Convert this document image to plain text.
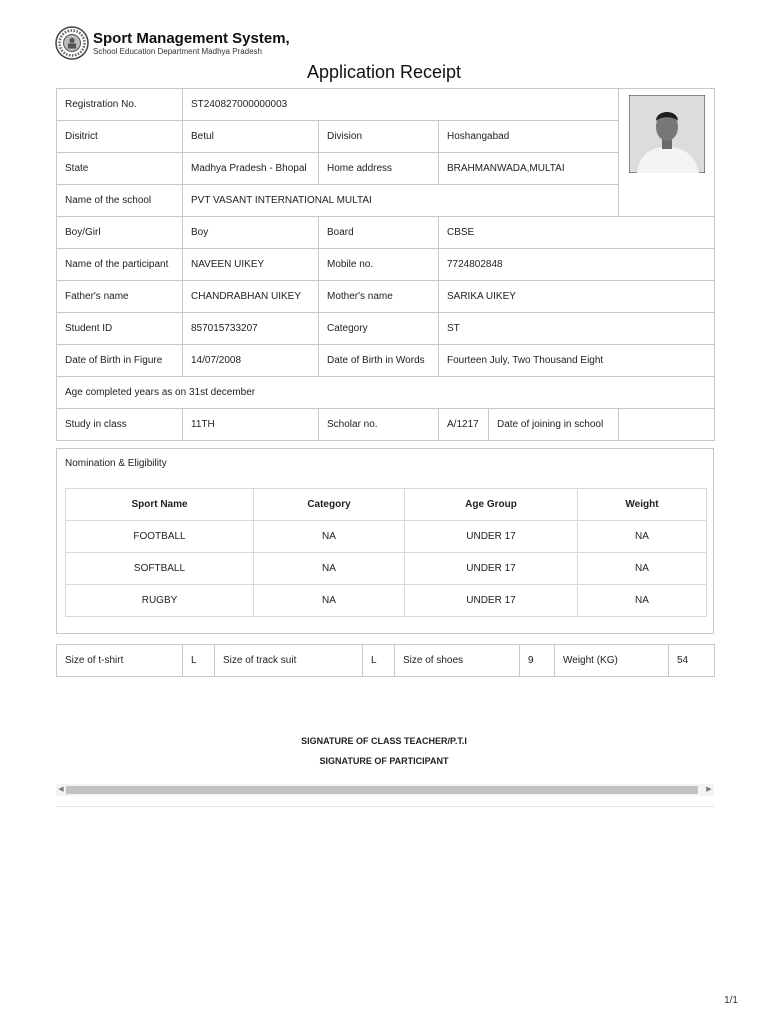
Sport Management System,
School Education Department Madhya Pradesh
Application Receipt
Registration No.	ST240827000000003	

Disitrict	Betul	Division	Hoshangabad		
State	Madhya Pradesh - Bhopal	Home address	BRAHMANWADA,MULTAI		
Name of the school	PVT VASANT INTERNATIONAL MULTAI				
Boy/Girl	Boy	Board	CBSE		
Name of the participant	NAVEEN UIKEY	Mobile no.	7724802848		
Father's name	CHANDRABHAN UIKEY	Mother's name	SARIKA UIKEY		
Student ID	857015733207	Category	ST		
Date of Birth in Figure	14/07/2008	Date of Birth in Words	Fourteen July, Two Thousand Eight		
Age completed years as on 31st december					
Study in class	11TH	Scholar no.	A/1217	Date of joining in school	
Nomination & Eligibility
Sport Name	Category	Age Group	Weight
FOOTBALL	NA	UNDER 17	NA
SOFTBALL	NA	UNDER 17	NA
RUGBY	NA	UNDER 17	NA
Size of t-shirt	L	Size of track suit	L	Size of shoes	9	Weight (KG)	54
SIGNATURE OF CLASS TEACHER/P.T.I
SIGNATURE OF PARTICIPANT
◀	▶
1/1
